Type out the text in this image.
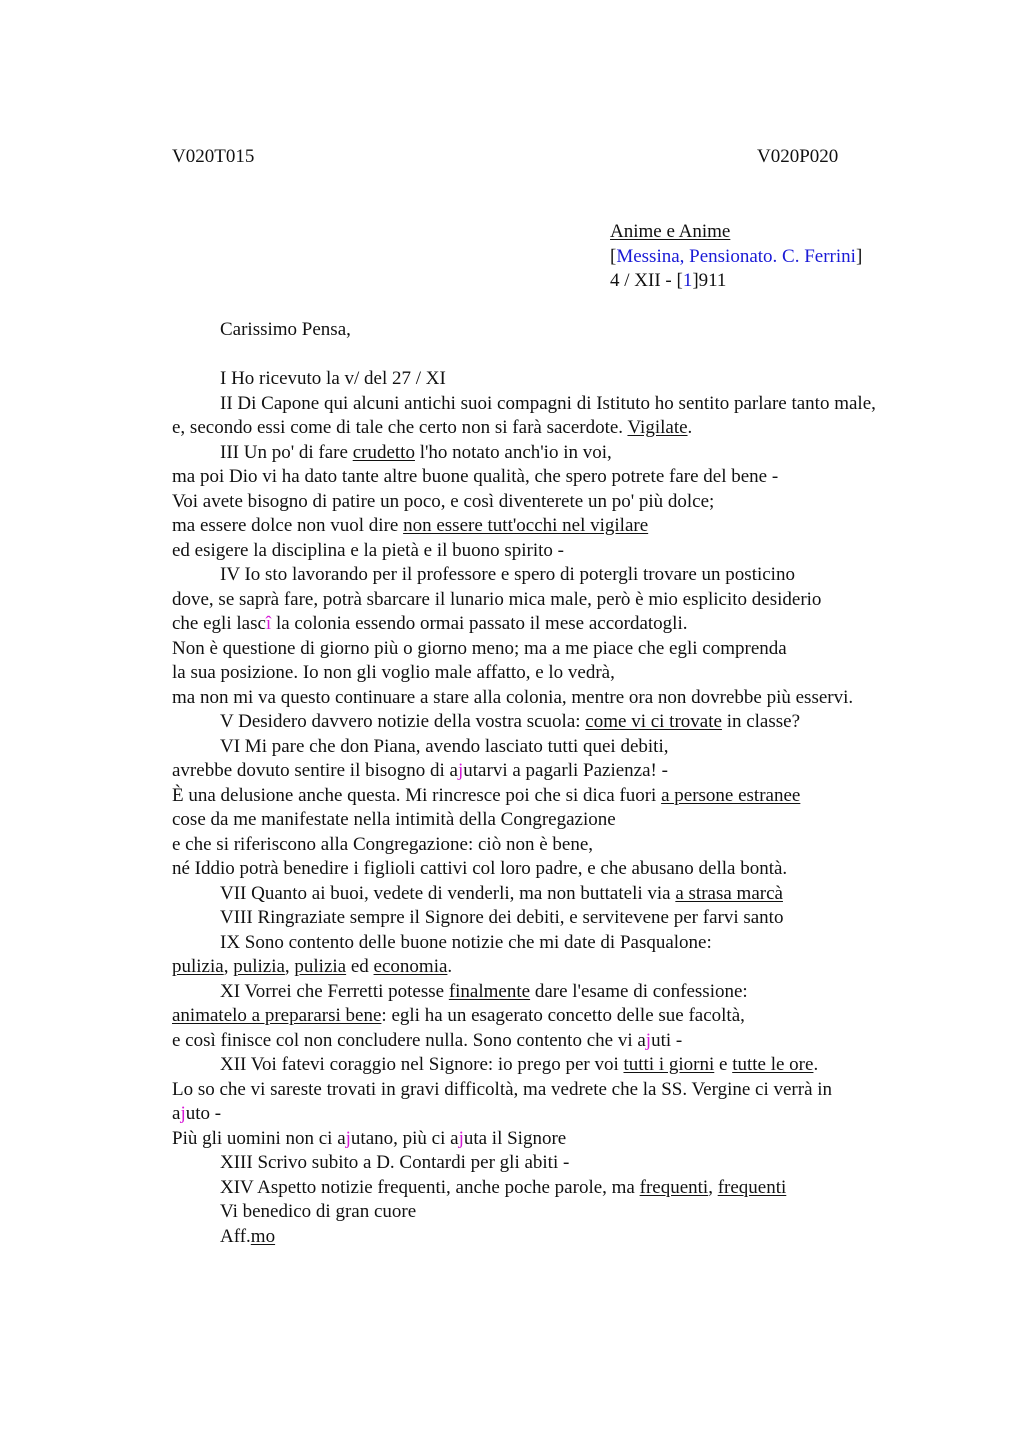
V020T015	V020P020
Anime e Anime
[Messina, Pensionato. C. Ferrini]
4 / XII - [1]911
Carissimo Pensa,
I Ho ricevuto la v/ del 27 / XI
II Di Capone qui alcuni antichi suoi compagni di Istituto ho sentito parlare tanto male,
e, secondo essi come di tale che certo non si farà sacerdote. Vigilate.
III Un po' di fare crudetto l'ho notato anch'io in voi,
ma poi Dio vi ha dato tante altre buone qualità, che spero potrete fare del bene -
Voi avete bisogno di patire un poco, e così diventerete un po' più dolce;
ma essere dolce non vuol dire non essere tutt'occhi nel vigilare
ed esigere la disciplina e la pietà e il buono spirito -
IV Io sto lavorando per il professore e spero di potergli trovare un posticino
dove, se saprà fare, potrà sbarcare il lunario mica male, però è mio esplicito desiderio
che egli lascî la colonia essendo ormai passato il mese accordatogli.
Non è questione di giorno più o giorno meno; ma a me piace che egli comprenda
la sua posizione. Io non gli voglio male affatto, e lo vedrà,
ma non mi va questo continuare a stare alla colonia, mentre ora non dovrebbe più esservi.
V Desidero davvero notizie della vostra scuola: come vi ci trovate in classe?
VI Mi pare che don Piana, avendo lasciato tutti quei debiti,
avrebbe dovuto sentire il bisogno di ajutarvi a pagarli Pazienza! -
È una delusione anche questa. Mi rincresce poi che si dica fuori a persone estranee
cose da me manifestate nella intimità della Congregazione
e che si riferiscono alla Congregazione: ciò non è bene,
né Iddio potrà benedire i figlioli cattivi col loro padre, e che abusano della bontà.
VII Quanto ai buoi, vedete di venderli, ma non buttateli via a strasa marcà
VIII Ringraziate sempre il Signore dei debiti, e servitevene per farvi santo
IX Sono contento delle buone notizie che mi date di Pasqualone:
pulizia, pulizia, pulizia ed economia.
XI Vorrei che Ferretti potesse finalmente dare l'esame di confessione:
animatelo a prepararsi bene: egli ha un esagerato concetto delle sue facoltà,
e così finisce col non concludere nulla. Sono contento che vi ajuti -
XII Voi fatevi coraggio nel Signore: io prego per voi tutti i giorni e tutte le ore.
Lo so che vi sareste trovati in gravi difficoltà, ma vedrete che la SS. Vergine ci verrà in
ajuto -
Più gli uomini non ci ajutano, più ci ajuta il Signore
XIII Scrivo subito a D. Contardi per gli abiti -
XIV Aspetto notizie frequenti, anche poche parole, ma frequenti, frequenti
Vi benedico di gran cuore
Aff.mo
